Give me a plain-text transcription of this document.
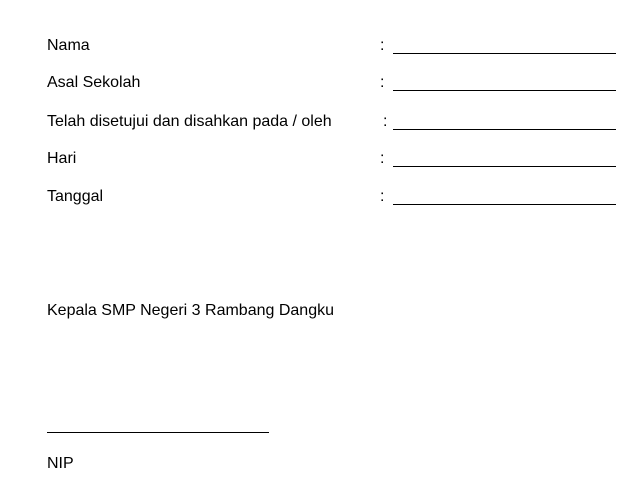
Nama	:
Asal Sekolah	:
Telah disetujui dan disahkan pada / oleh	:
Hari	:
Tanggal	:
Kepala SMP Negeri 3 Rambang Dangku
NIP
